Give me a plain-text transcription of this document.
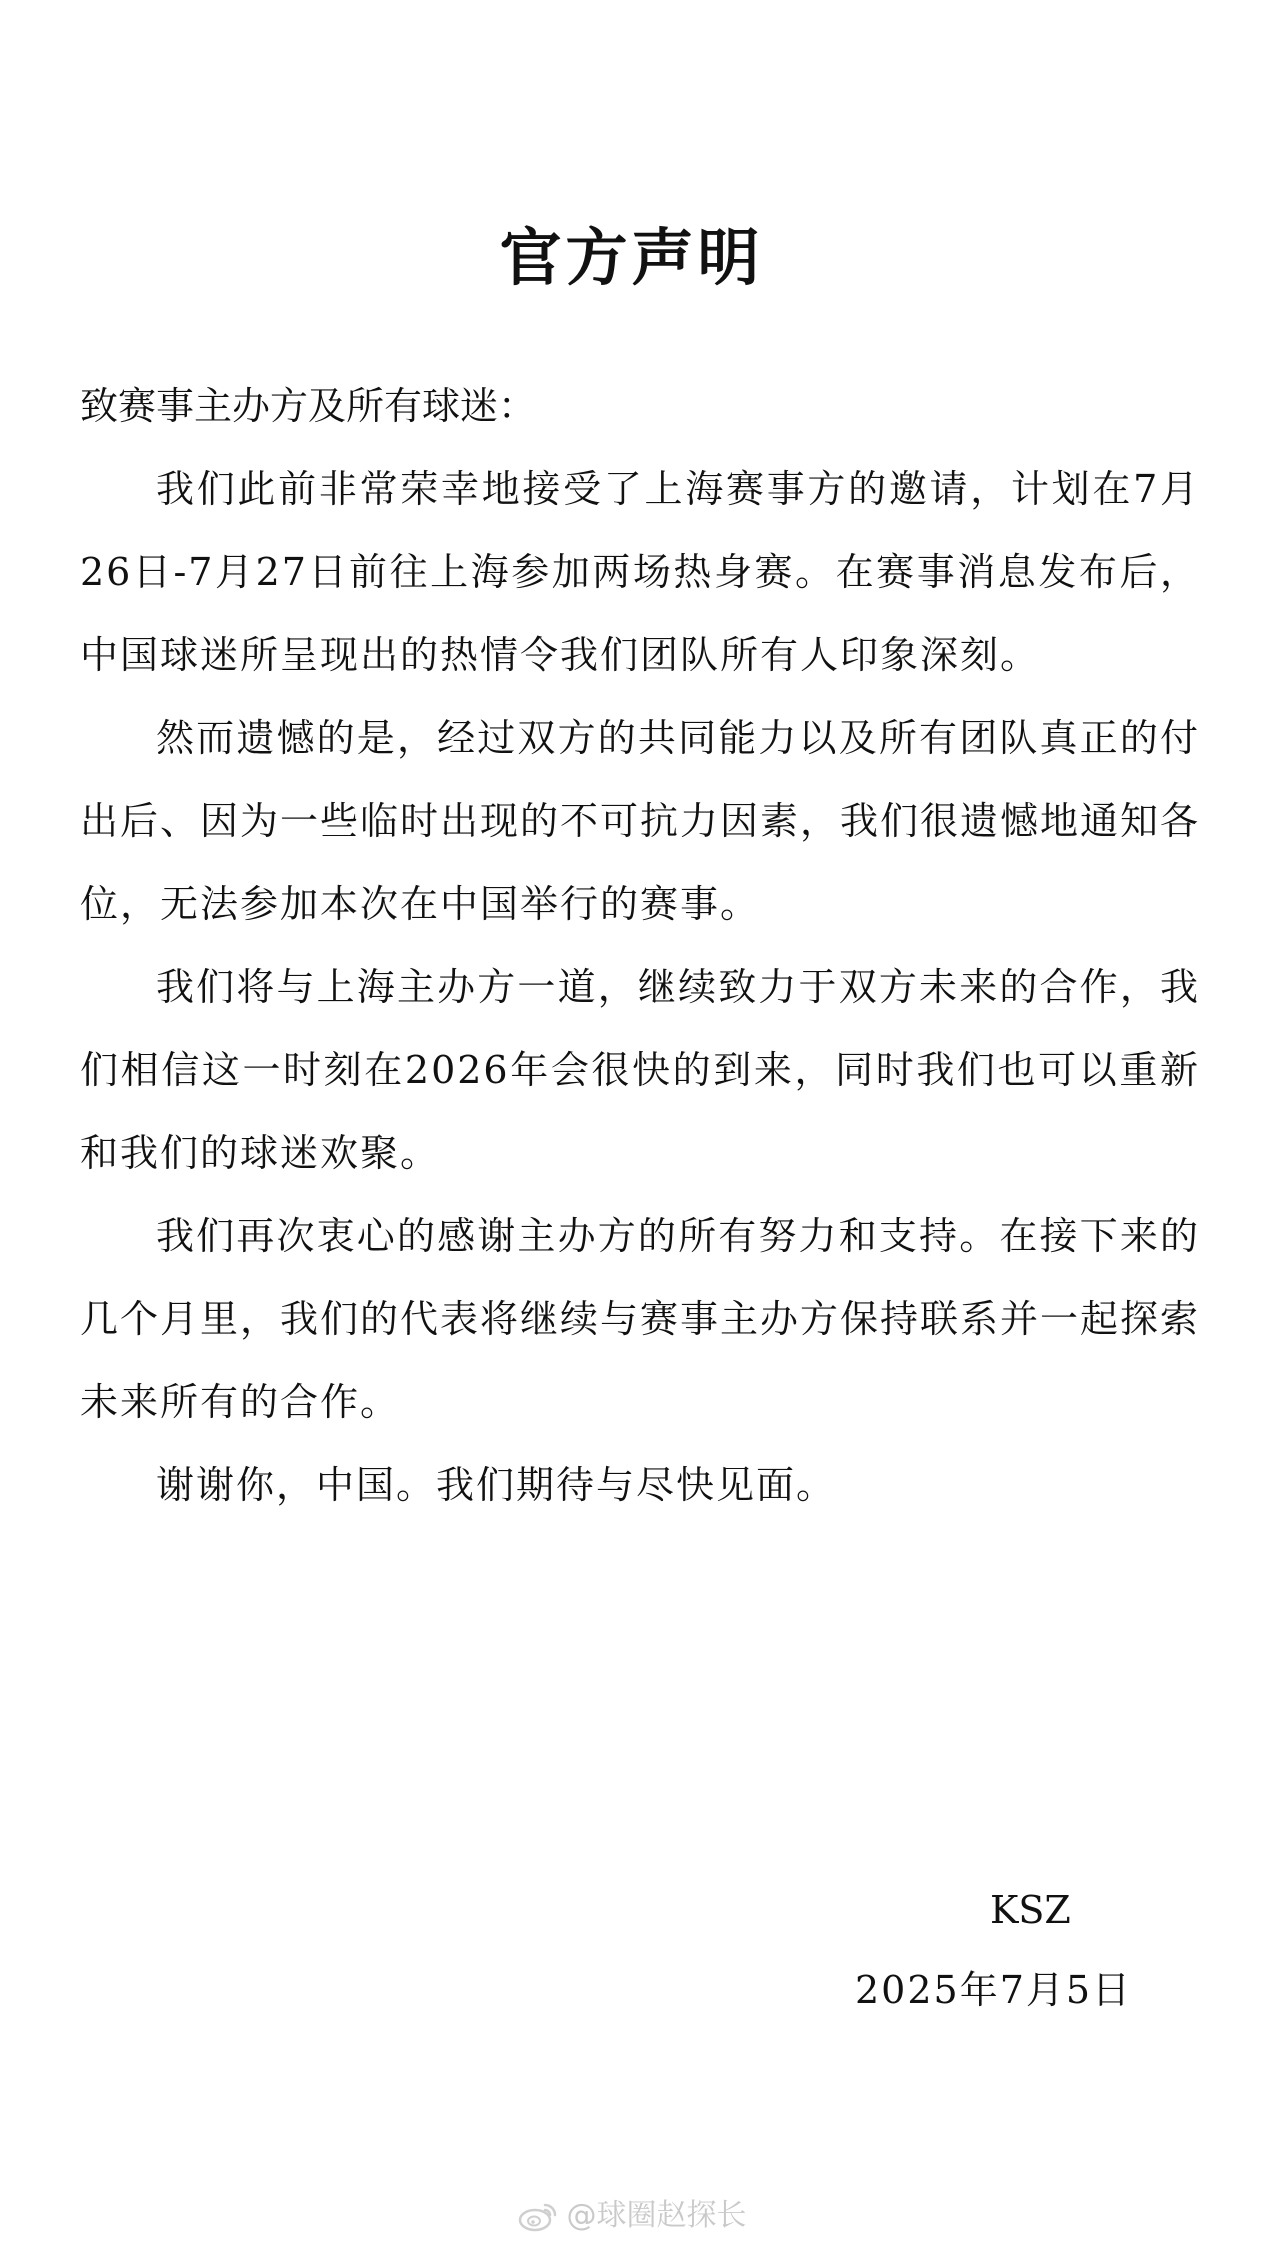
官方声明

致赛事主办方及所有球迷：

我们此前非常荣幸地接受了上海赛事方的邀请，计划在7月26日-7月27日前往上海参加两场热身赛。在赛事消息发布后，中国球迷所呈现出的热情令我们团队所有人印象深刻。

然而遗憾的是，经过双方的共同能力以及所有团队真正的付出后、因为一些临时出现的不可抗力因素，我们很遗憾地通知各位，无法参加本次在中国举行的赛事。

我们将与上海主办方一道，继续致力于双方未来的合作，我们相信这一时刻在2026年会很快的到来，同时我们也可以重新和我们的球迷欢聚。

我们再次衷心的感谢主办方的所有努力和支持。在接下来的几个月里，我们的代表将继续与赛事主办方保持联系并一起探索未来所有的合作。

谢谢你，中国。我们期待与尽快见面。

KSZ
2025年7月5日
@球圈赵探长
